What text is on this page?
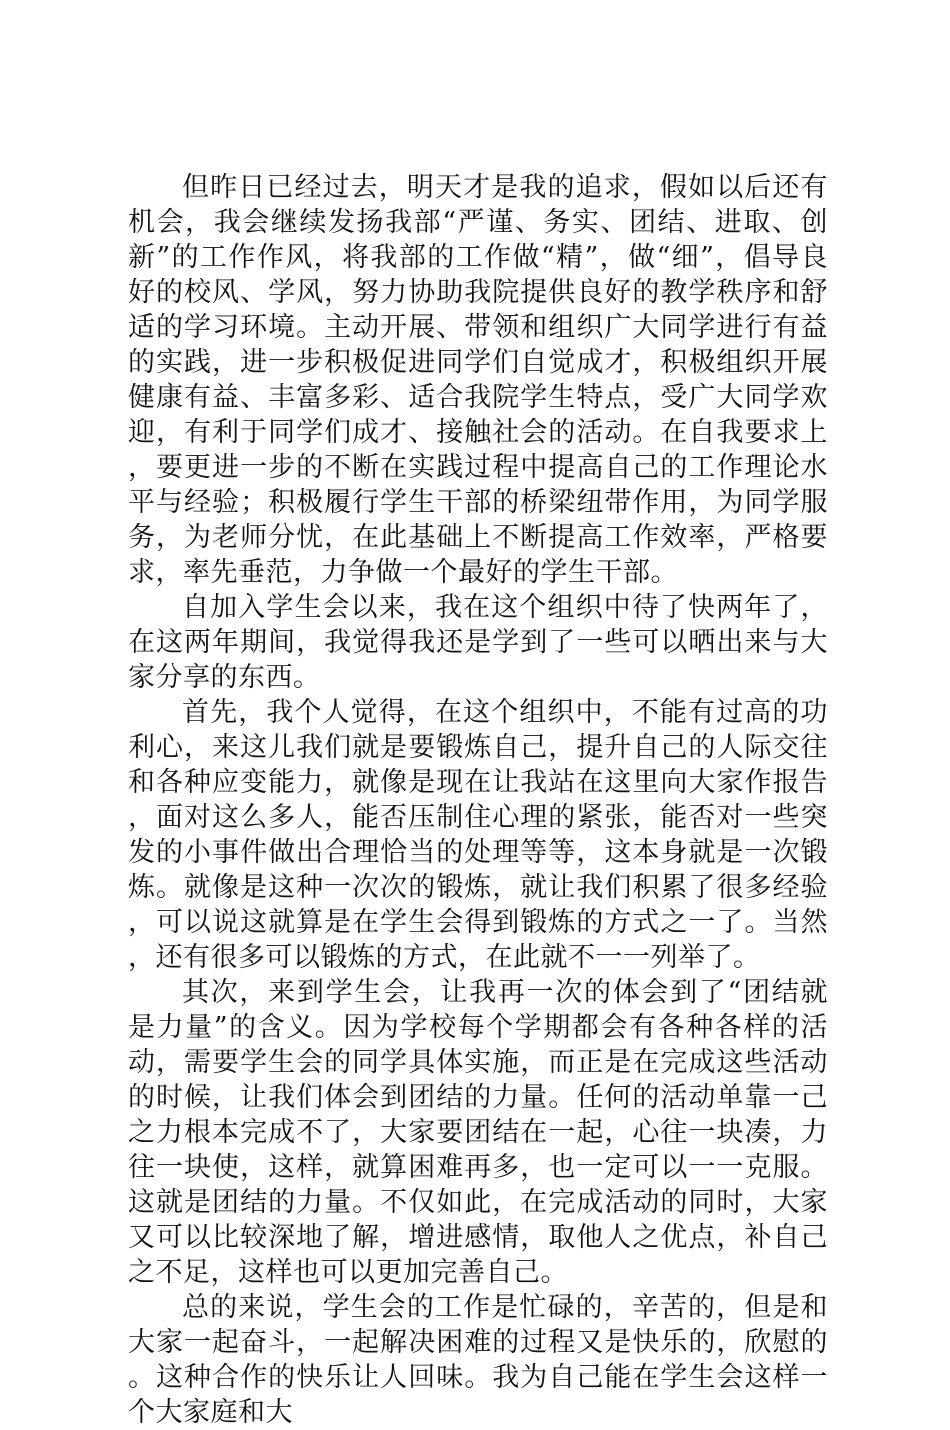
但昨日已经过去，明天才是我的追求，假如以后还有机会，我会继续发扬我部“严谨、务实、团结、进取、创新”的工作作风，将我部的工作做“精”，做“细”，倡导良好的校风、学风，努力协助我院提供良好的教学秩序和舒适的学习环境。主动开展、带领和组织广大同学进行有益的实践，进一步积极促进同学们自觉成才，积极组织开展健康有益、丰富多彩、适合我院学生特点，受广大同学欢迎，有利于同学们成才、接触社会的活动。在自我要求上，要更进一步的不断在实践过程中提高自己的工作理论水平与经验；积极履行学生干部的桥梁纽带作用，为同学服务，为老师分忧，在此基础上不断提高工作效率，严格要求，率先垂范，力争做一个最好的学生干部。

自加入学生会以来，我在这个组织中待了快两年了，在这两年期间，我觉得我还是学到了一些可以晒出来与大家分享的东西。

首先，我个人觉得，在这个组织中，不能有过高的功利心，来这儿我们就是要锻炼自己，提升自己的人际交往和各种应变能力，就像是现在让我站在这里向大家作报告，面对这么多人，能否压制住心理的紧张，能否对一些突发的小事件做出合理恰当的处理等等，这本身就是一次锻炼。就像是这种一次次的锻炼，就让我们积累了很多经验，可以说这就算是在学生会得到锻炼的方式之一了。当然，还有很多可以锻炼的方式，在此就不一一列举了。

其次，来到学生会，让我再一次的体会到了“团结就是力量”的含义。因为学校每个学期都会有各种各样的活动，需要学生会的同学具体实施，而正是在完成这些活动的时候，让我们体会到团结的力量。任何的活动单靠一己之力根本完成不了，大家要团结在一起，心往一块凑，力往一块使，这样，就算困难再多，也一定可以一一克服。这就是团结的力量。不仅如此，在完成活动的同时，大家又可以比较深地了解，增进感情，取他人之优点，补自己之不足，这样也可以更加完善自己。

总的来说，学生会的工作是忙碌的，辛苦的，但是和大家一起奋斗，一起解决困难的过程又是快乐的，欣慰的。这种合作的快乐让人回味。我为自己能在学生会这样一个大家庭和大
